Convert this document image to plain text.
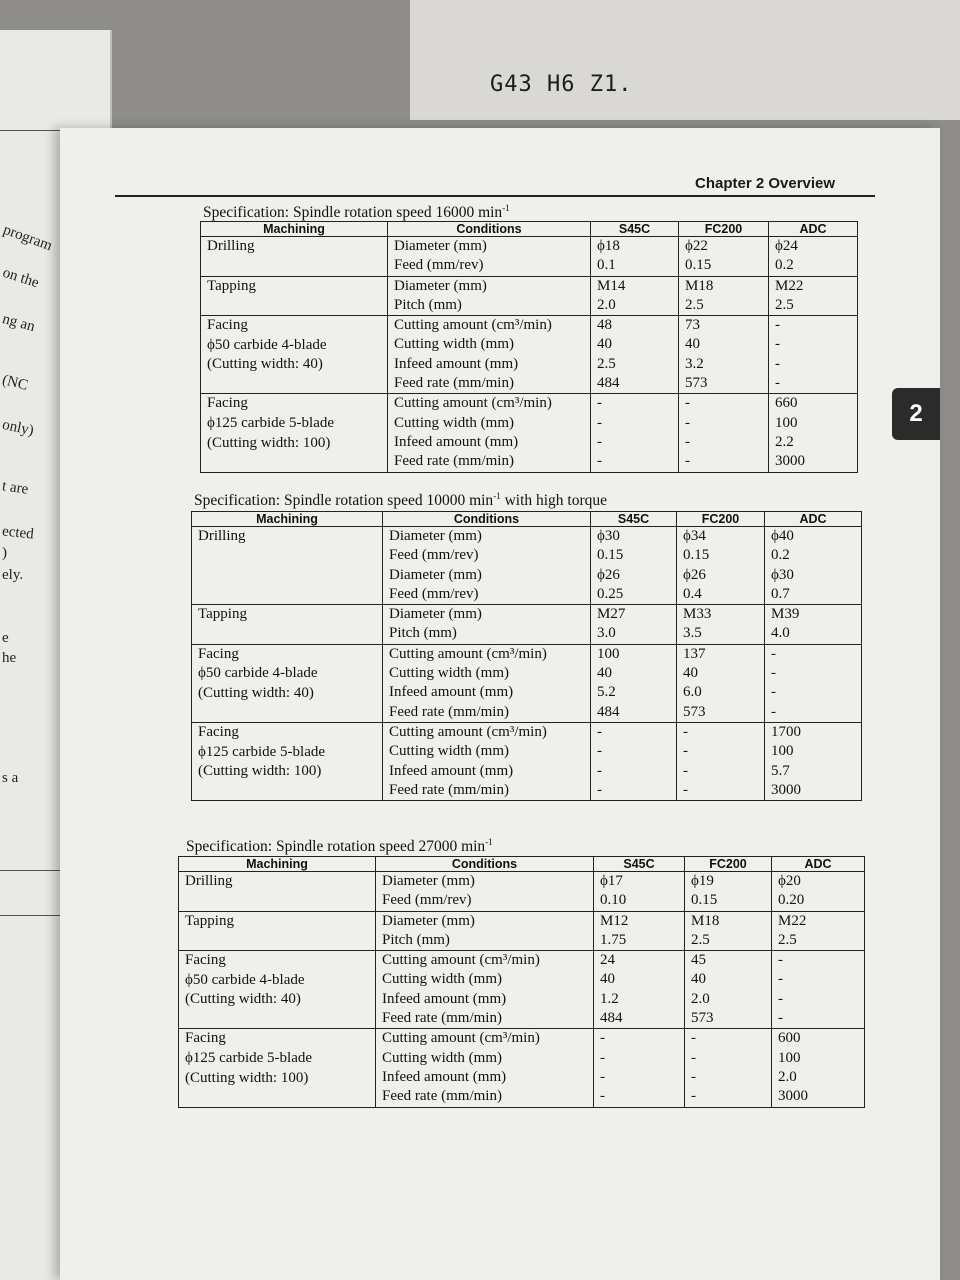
G43 H6 Z1.
program
on the
ng an
(NC
only)
t are
ected
)
ely.
e
he
s a
Chapter 2 Overview
2
Specification: Spindle rotation speed 16000 $\min^{-1}$
Machining	Conditions	S45C	FC200	ADC

Drilling	Diameter (mm)	ϕ18	ϕ22	ϕ24
	Feed (mm/rev)	0.1	0.15	0.2

Tapping	Diameter (mm)	M14	M18	M22
	Pitch (mm)	2.0	2.5	2.5

Facing
ϕ50 carbide 4-blade
(Cutting width: 40)	Cutting amount (cm³/min)	48	73	-
	Cutting width (mm)	40	40	-
	Infeed amount (mm)	2.5	3.2	-
	Feed rate (mm/min)	484	573	-

Facing
ϕ125 carbide 5-blade
(Cutting width: 100)	Cutting amount (cm³/min)	-	-	660
	Cutting width (mm)	-	-	100
	Infeed amount (mm)	-	-	2.2
	Feed rate (mm/min)	-	-	3000
Specification: Spindle rotation speed 10000 $\min^{-1}$ with high torque
Machining	Conditions	S45C	FC200	ADC

Drilling	Diameter (mm)	ϕ30	ϕ34	ϕ40
	Feed (mm/rev)	0.15	0.15	0.2
	Diameter (mm)	ϕ26	ϕ26	ϕ30
	Feed (mm/rev)	0.25	0.4	0.7

Tapping	Diameter (mm)	M27	M33	M39
	Pitch (mm)	3.0	3.5	4.0

Facing
ϕ50 carbide 4-blade
(Cutting width: 40)	Cutting amount (cm³/min)	100	137	-
	Cutting width (mm)	40	40	-
	Infeed amount (mm)	5.2	6.0	-
	Feed rate (mm/min)	484	573	-

Facing
ϕ125 carbide 5-blade
(Cutting width: 100)	Cutting amount (cm³/min)	-	-	1700
	Cutting width (mm)	-	-	100
	Infeed amount (mm)	-	-	5.7
	Feed rate (mm/min)	-	-	3000
Specification: Spindle rotation speed 27000 $\min^{-1}$
Machining	Conditions	S45C	FC200	ADC

Drilling	Diameter (mm)	ϕ17	ϕ19	ϕ20
	Feed (mm/rev)	0.10	0.15	0.20

Tapping	Diameter (mm)	M12	M18	M22
	Pitch (mm)	1.75	2.5	2.5

Facing
ϕ50 carbide 4-blade
(Cutting width: 40)	Cutting amount (cm³/min)	24	45	-
	Cutting width (mm)	40	40	-
	Infeed amount (mm)	1.2	2.0	-
	Feed rate (mm/min)	484	573	-

Facing
ϕ125 carbide 5-blade
(Cutting width: 100)	Cutting amount (cm³/min)	-	-	600
	Cutting width (mm)	-	-	100
	Infeed amount (mm)	-	-	2.0
	Feed rate (mm/min)	-	-	3000
